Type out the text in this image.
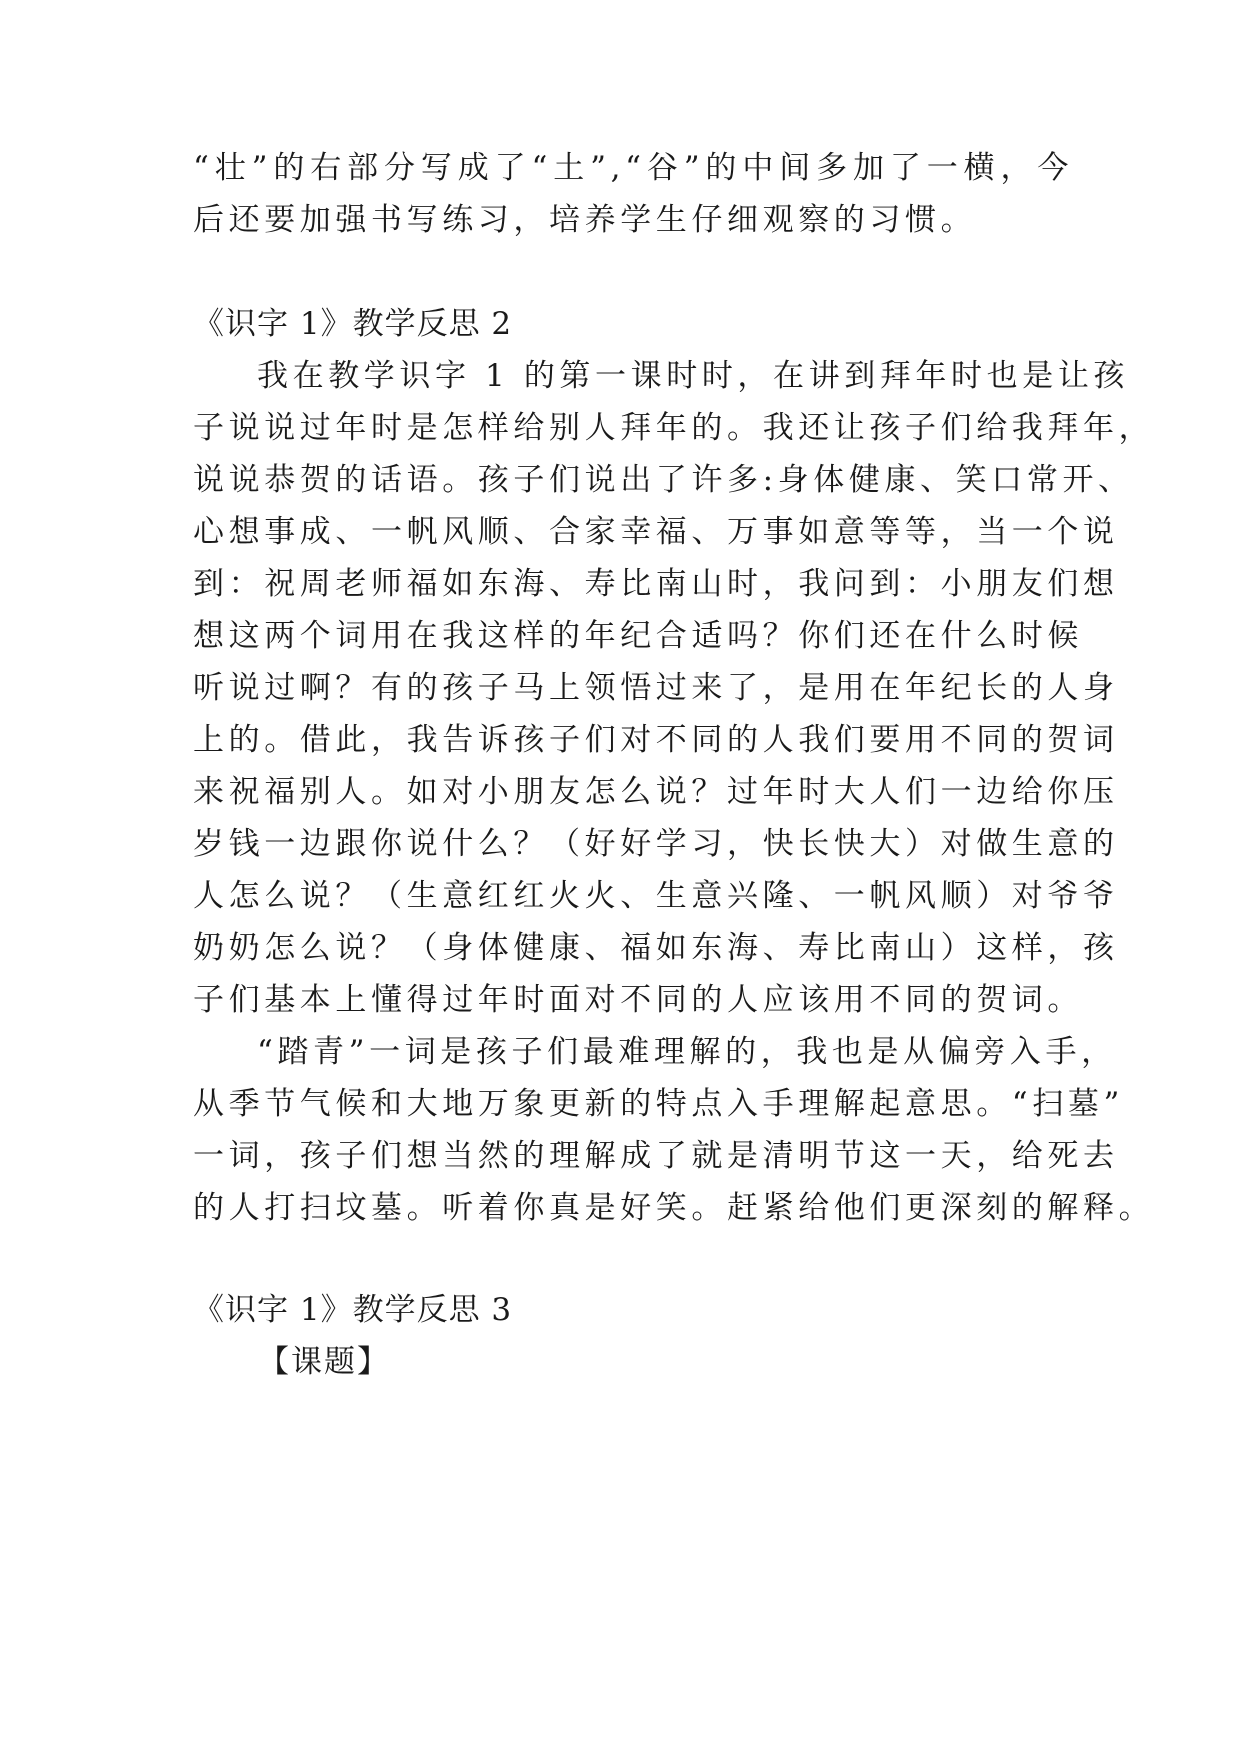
“壮”的右部分写成了“土”,“谷”的中间多加了一横，今
后还要加强书写练习，培养学生仔细观察的习惯。
《识字 1》教学反思 2
我在教学识字 1 的第一课时时，在讲到拜年时也是让孩
子说说过年时是怎样给别人拜年的。我还让孩子们给我拜年，
说说恭贺的话语。孩子们说出了许多:身体健康、笑口常开、
心想事成、一帆风顺、合家幸福、万事如意等等，当一个说
到：祝周老师福如东海、寿比南山时，我问到：小朋友们想
想这两个词用在我这样的年纪合适吗？你们还在什么时候
听说过啊？有的孩子马上领悟过来了，是用在年纪长的人身
上的。借此，我告诉孩子们对不同的人我们要用不同的贺词
来祝福别人。如对小朋友怎么说？过年时大人们一边给你压
岁钱一边跟你说什么？（好好学习，快长快大）对做生意的
人怎么说？（生意红红火火、生意兴隆、一帆风顺）对爷爷
奶奶怎么说？（身体健康、福如东海、寿比南山）这样，孩
子们基本上懂得过年时面对不同的人应该用不同的贺词。
“踏青”一词是孩子们最难理解的，我也是从偏旁入手，
从季节气候和大地万象更新的特点入手理解起意思。“扫墓”
一词，孩子们想当然的理解成了就是清明节这一天，给死去
的人打扫坟墓。听着你真是好笑。赶紧给他们更深刻的解释。
《识字 1》教学反思 3
【课题】
